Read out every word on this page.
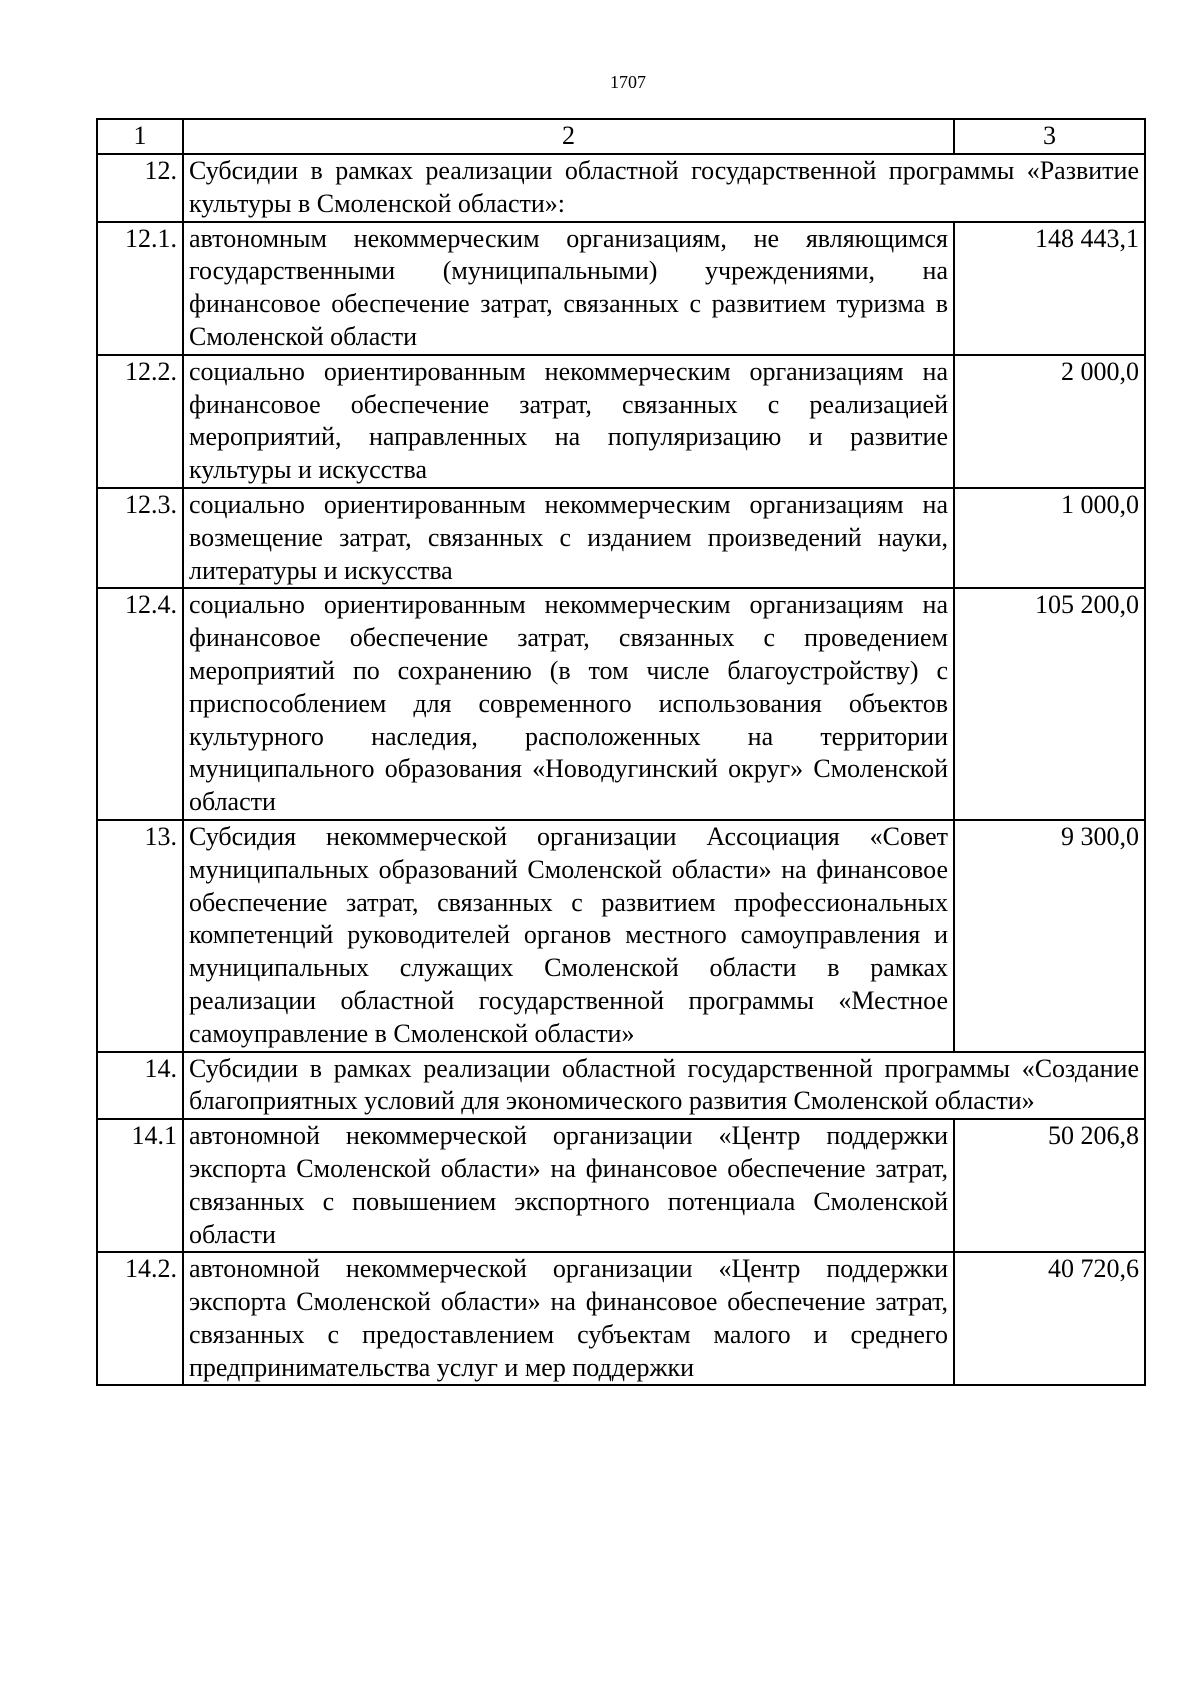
1707
1	2	3
12.	Субсидии в рамках реализации областной государственной программы «Развитие культуры в Смоленской области»:	
12.1.	автономным некоммерческим организациям, не являющимся государственными (муниципальными) учреждениями, на финансовое обеспечение затрат, связанных с развитием туризма в Смоленской области	148 443,1
12.2.	социально ориентированным некоммерческим организациям на финансовое обеспечение затрат, связанных с реализацией мероприятий, направленных на популяризацию и развитие культуры и искусства	2 000,0
12.3.	социально ориентированным некоммерческим организациям на возмещение затрат, связанных с изданием произведений науки, литературы и искусства	1 000,0
12.4.	социально ориентированным некоммерческим организациям на финансовое обеспечение затрат, связанных с проведением мероприятий по сохранению (в том числе благоустройству) с приспособлением для современного использования объектов культурного наследия, расположенных на территории муниципального образования «Новодугинский округ» Смоленской области	105 200,0
13.	Субсидия некоммерческой организации Ассоциация «Совет муниципальных образований Смоленской области» на финансовое обеспечение затрат, связанных с развитием профессиональных компетенций руководителей органов местного самоуправления и муниципальных служащих Смоленской области в рамках реализации областной государственной программы «Местное самоуправление в Смоленской области»	9 300,0
14.	Субсидии в рамках реализации областной государственной программы «Создание благоприятных условий для экономического развития Смоленской области»	
14.1	автономной некоммерческой организации «Центр поддержки экспорта Смоленской области» на финансовое обеспечение затрат, связанных с повышением экспортного потенциала Смоленской области	50 206,8
14.2.	автономной некоммерческой организации «Центр поддержки экспорта Смоленской области» на финансовое обеспечение затрат, связанных с предоставлением субъектам малого и среднего предпринимательства услуг и мер поддержки	40 720,6
